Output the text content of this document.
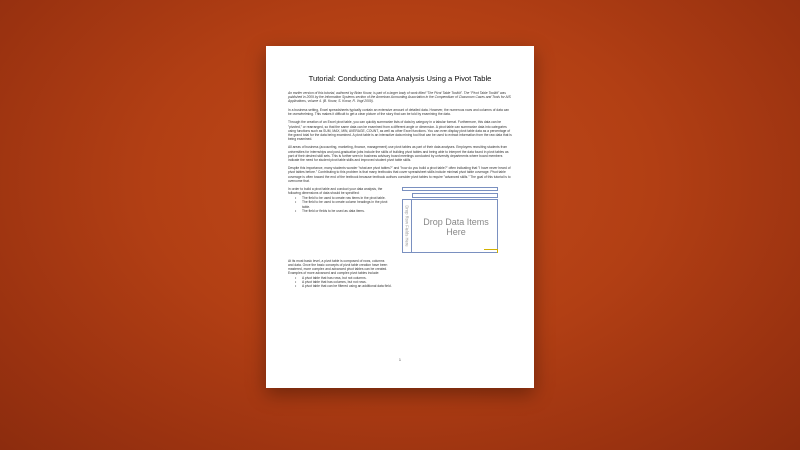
Tutorial: Conducting Data Analysis Using a Pivot Table

An earlier version of this tutorial, authored by Brian Kovar, is part of a larger body of work titled "The Pivot Table Toolkit". The "Pivot Table Toolkit" was published in 2009 by the Information Systems section of the American Accounting Association in the Compendium of Classroom Cases and Tools for AIS Applications, volume 4. (B. Kovar, S. Kovar, R. Vogt 2009).

In a business setting, Excel spreadsheets typically contain an extensive amount of detailed data. However, the numerous rows and columns of data can be overwhelming. This makes it difficult to get a clear picture of the story that can be told by examining the data.

Through the creation of an Excel pivot table, you can quickly summarize lists of data by category in a tabular format. Furthermore, this data can be "pivoted," or rearranged, so that the same data can be examined from a different angle or dimension. A pivot table can summarize data into categories using functions such as SUM, MAX, MIN, AVERAGE, COUNT, as well as other Excel functions. You can even display pivot table data as a percentage of the grand total for the data being examined. A pivot table is an interactive data mining tool that can be used to extract information from the raw data that is being examined.

All areas of business (accounting, marketing, finance, management) use pivot tables as part of their data analyses. Employers recruiting students from universities for internships and post-graduation jobs include the skills of building pivot tables and being able to interpret the data found in pivot tables as part of their desired skill sets. This is further seen in business advisory board meetings conducted by university departments where board members indicate the need for student pivot table skills and improved student pivot table skills.

Despite this importance, many students wonder "what are pivot tables?" and "how do you build a pivot table?" often indicating that "I have never heard of pivot tables before." Contributing to this problem is that many textbooks that cover spreadsheet skills include minimal pivot table coverage. Pivot table coverage is often toward the end of the textbook because textbook authors consider pivot tables to require "advanced skills." The goal of this tutorial is to overcome that.

In order to build a pivot table and conduct your data analysis, the following dimensions of data should be specified:

• The field to be used to create row items in the pivot table.
• The field to be used to create column headings in the pivot table.
• The field or fields to be used as data items.	Drop Row Fields Here	Drop Data Items Here

At its most basic level, a pivot table is composed of rows, columns and data. Once the basic concepts of pivot table creation have been mastered, more complex and advanced pivot tables can be created.

Examples of more advanced and complex pivot tables include:

• A pivot table that has rows, but not columns.
• A pivot table that has columns, but not rows.
• A pivot table that can be filtered using an additional data field.
1
